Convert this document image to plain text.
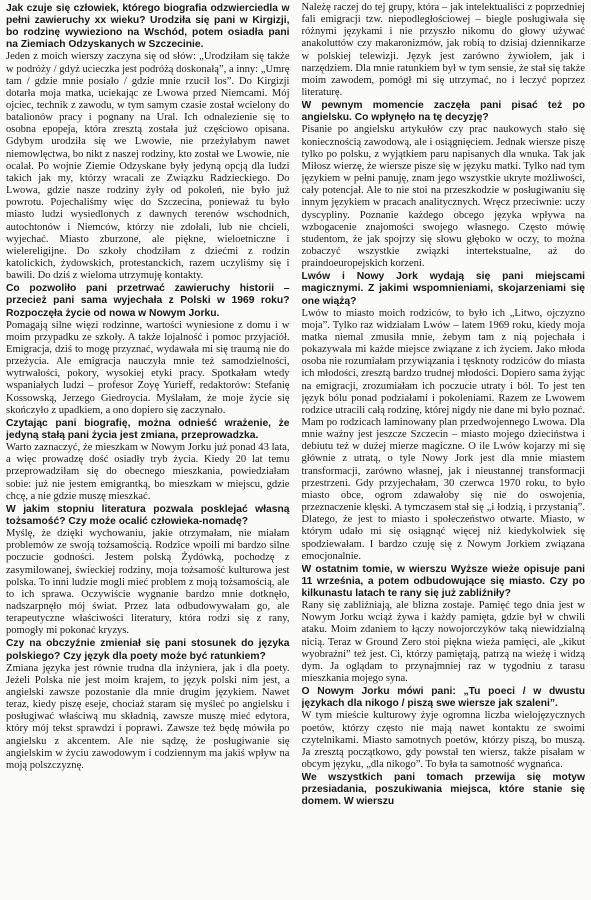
Jak czuje się człowiek, którego biografia odzwierciedla w pełni zawieruchy xx wieku? Urodziła się pani w Kirgizji, bo rodzinę wywieziono na Wschód, potem osiadła pani na Ziemiach Odzyskanych w Szczecinie.

Jeden z moich wierszy zaczyna się od słów: „Urodziłam się także w podróży / gdyż ucieczka jest podróżą doskonałą”, a inny: „Umrę tam / gdzie mnie posiało / gdzie mnie rzucił los”. Do Kirgizji dotarła moja matka, uciekając ze Lwowa przed Niemcami. Mój ojciec, technik z zawodu, w tym samym czasie został wcielony do batalionów pracy i pognany na Ural. Ich odnalezienie się to osobna epopeja, która zresztą została już częściowo opisana. Gdybym urodziła się we Lwowie, nie przeżyłabym nawet niemowlęctwa, bo nikt z naszej rodziny, kto został we Lwowie, nie ocalał. Po wojnie Ziemie Odzyskane były jedyną opcją dla ludzi takich jak my, którzy wracali ze Związku Radzieckiego. Do Lwowa, gdzie nasze rodziny żyły od pokoleń, nie było już powrotu. Pojechaliśmy więc do Szczecina, ponieważ tu było miasto ludzi wysiedlonych z dawnych terenów wschodnich, autochtonów i Niemców, którzy nie zdołali, lub nie chcieli, wyjechać. Miasto zburzone, ale piękne, wieloetniczne i wielereligijne. Do szkoły chodziłam z dziećmi z rodzin katolickich, żydowskich, protestanckich, razem uczyliśmy się i bawili. Do dziś z wieloma utrzymuję kontakty.

Co pozwoliło pani przetrwać zawieruchy historii – przecież pani sama wyjechała z Polski w 1969 roku? Rozpoczęła życie od nowa w Nowym Jorku.

Pomagają silne więzi rodzinne, wartości wyniesione z domu i w moim przypadku ze szkoły. A także lojalność i pomoc przyjaciół. Emigracja, dziś to mogę przyznać, wydawała mi się traumą nie do przeżycia. Ale emigracja nauczyła mnie też samodzielności, wytrwałości, pokory, wysokiej etyki pracy. Spotkałam wtedy wspaniałych ludzi – profesor Zoyę Yurieff, redaktorów: Stefanię Kossowską, Jerzego Giedroycia. Myślałam, że moje życie się skończyło z upadkiem, a ono dopiero się zaczynało.

Czytając pani biografię, można odnieść wrażenie, że jedyną stałą pani życia jest zmiana, przeprowadzka.

Warto zaznaczyć, że mieszkam w Nowym Jorku już ponad 43 lata, a więc prowadzę dość osiadły tryb życia. Kiedy 20 lat temu przeprowadziłam się do obecnego mieszkania, powiedziałam sobie: już nie jestem emigrantką, bo mieszkam w miejscu, gdzie chcę, a nie gdzie muszę mieszkać.

W jakim stopniu literatura pozwala posklejać własną tożsamość? Czy może ocalić człowieka-nomadę?

Myślę, że dzięki wychowaniu, jakie otrzymałam, nie miałam problemów ze swoją tożsamością. Rodzice wpoili mi bardzo silne poczucie godności. Jestem polską Żydówką, pochodzę z zasymilowanej, świeckiej rodziny, moja tożsamość kulturowa jest polska. To inni ludzie mogli mieć problem z moją tożsamością, ale to ich sprawa. Oczywiście wygnanie bardzo mnie dotknęło, nadszarpnęło mój świat. Przez lata odbudowywałam go, ale terapeutyczne właściwości literatury, która rodzi się z rany, pomogły mi pokonać kryzys.

Czy na obczyźnie zmieniał się pani stosunek do języka polskiego? Czy język dla poety może być ratunkiem?

Zmiana języka jest równie trudna dla inżyniera, jak i dla poety. Jeżeli Polska nie jest moim krajem, to język polski nim jest, a angielski zawsze pozostanie dla mnie drugim językiem. Nawet teraz, kiedy piszę eseje, chociaż staram się myśleć po angielsku i posługiwać właściwą mu składnią, zawsze muszę mieć edytora, który mój tekst sprawdzi i poprawi. Zawsze też będę mówiła po angielsku z akcentem. Ale nie sądzę, że posługiwanie się angielskim w życiu zawodowym i codziennym ma jakiś wpływ na moją polszczyznę.

Należę raczej do tej grupy, która – jak intelektualiści z poprzedniej fali emigracji tzw. niepodległościowej – biegle posługiwała się różnymi językami i nie przyszło nikomu do głowy używać anakoluttów czy makaronizmów, jak robią to dzisiaj dziennikarze w polskiej telewizji. Język jest zarówno żywiołem, jak i narzędziem. Dla mnie ratunkiem był w tym sensie, że stał się także moim zawodem, pomógł mi się utrzymać, no i leczyć poprzez literaturę.

W pewnym momencie zaczęła pani pisać też po angielsku. Co wpłynęło na tę decyzję?

Pisanie po angielsku artykułów czy prac naukowych stało się koniecznością zawodową, ale i osiągnięciem. Jednak wiersze piszę tylko po polsku, z wyjątkiem paru napisanych dla wnuka. Tak jak Miłosz wierzę, że wiersze pisze się w języku matki. Tylko nad tym językiem w pełni panuję, znam jego wszystkie ukryte możliwości, cały potencjał. Ale to nie stoi na przeszkodzie w posługiwaniu się innym językiem w pracach analitycznych. Wręcz przeciwnie: uczy dyscypliny. Poznanie każdego obcego języka wpływa na wzbogacenie znajomości swojego własnego. Często mówię studentom, że jak spojrzy się słowu głęboko w oczy, to można zobaczyć wszystkie związki intertekstualne, aż do praindoeuropejskich korzeni.

Lwów i Nowy Jork wydają się pani miejscami magicznymi. Z jakimi wspomnieniami, skojarzeniami się one wiążą?

Lwów to miasto moich rodziców, to było ich „Litwo, ojczyzno moja”. Tylko raz widziałam Lwów – latem 1969 roku, kiedy moja matka niemal zmusiła mnie, żebym tam z nią pojechała i pokazywała mi każde miejsce związane z ich życiem. Jako młoda osoba nie rozumiałam przywiązania i tęsknoty rodziców do miasta ich młodości, zresztą bardzo trudnej młodości. Dopiero sama żyjąc na emigracji, zrozumiałam ich poczucie utraty i ból. To jest ten język bólu ponad podziałami i pokoleniami. Razem ze Lwowem rodzice utracili całą rodzinę, której nigdy nie dane mi było poznać. Mam po rodzicach laminowany plan przedwojennego Lwowa. Dla mnie ważny jest jeszcze Szczecin – miasto mojego dzieciństwa i debiutu też w dużej mierze magiczne. O ile Lwów kojarzy mi się głównie z utratą, o tyle Nowy Jork jest dla mnie miastem transformacji, zarówno własnej, jak i nieustannej transformacji przestrzeni. Gdy przyjechałam, 30 czerwca 1970 roku, to było miasto obce, ogrom zdawałoby się nie do oswojenia, przeznaczenie klęski. A tymczasem stał się „i łodzią, i przystanią”. Dlatego, że jest to miasto i społeczeństwo otwarte. Miasto, w którym udało mi się osiągnąć więcej niż kiedykolwiek się spodziewałam. I bardzo czuję się z Nowym Jorkiem związana emocjonalnie.

W ostatnim tomie, w wierszu Wyższe wieże opisuje pani 11 września, a potem odbudowujące się miasto. Czy po kilkunastu latach te rany się już zabliźniły?

Rany się zabliźniają, ale blizna zostaje. Pamięć tego dnia jest w Nowym Jorku wciąż żywa i każdy pamięta, gdzie był w chwili ataku. Moim zdaniem to łączy nowojorczyków taką niewidzialną nicią. Teraz w Ground Zero stoi piękna wieża pamięci, ale „kikut wyobraźni” też jest. Ci, którzy pamiętają, patrzą na wieżę i widzą dym. Ja oglądam to przynajmniej raz w tygodniu z tarasu mieszkania mojego syna.

O Nowym Jorku mówi pani: „Tu poeci / w dwustu językach dla nikogo / piszą swe wiersze jak szaleni”.

W tym mieście kulturowy żyje ogromna liczba wielojęzycznych poetów, którzy często nie mają nawet kontaktu ze swoimi czytelnikami. Miasto samotnych poetów, którzy piszą, bo muszą. Ja zresztą początkowo, gdy powstał ten wiersz, także pisałam w obcym języku, „dla nikogo”. To była ta samotność wygnańca.

We wszystkich pani tomach przewija się motyw przesiadania, poszukiwania miejsca, które stanie się domem. W wierszu
